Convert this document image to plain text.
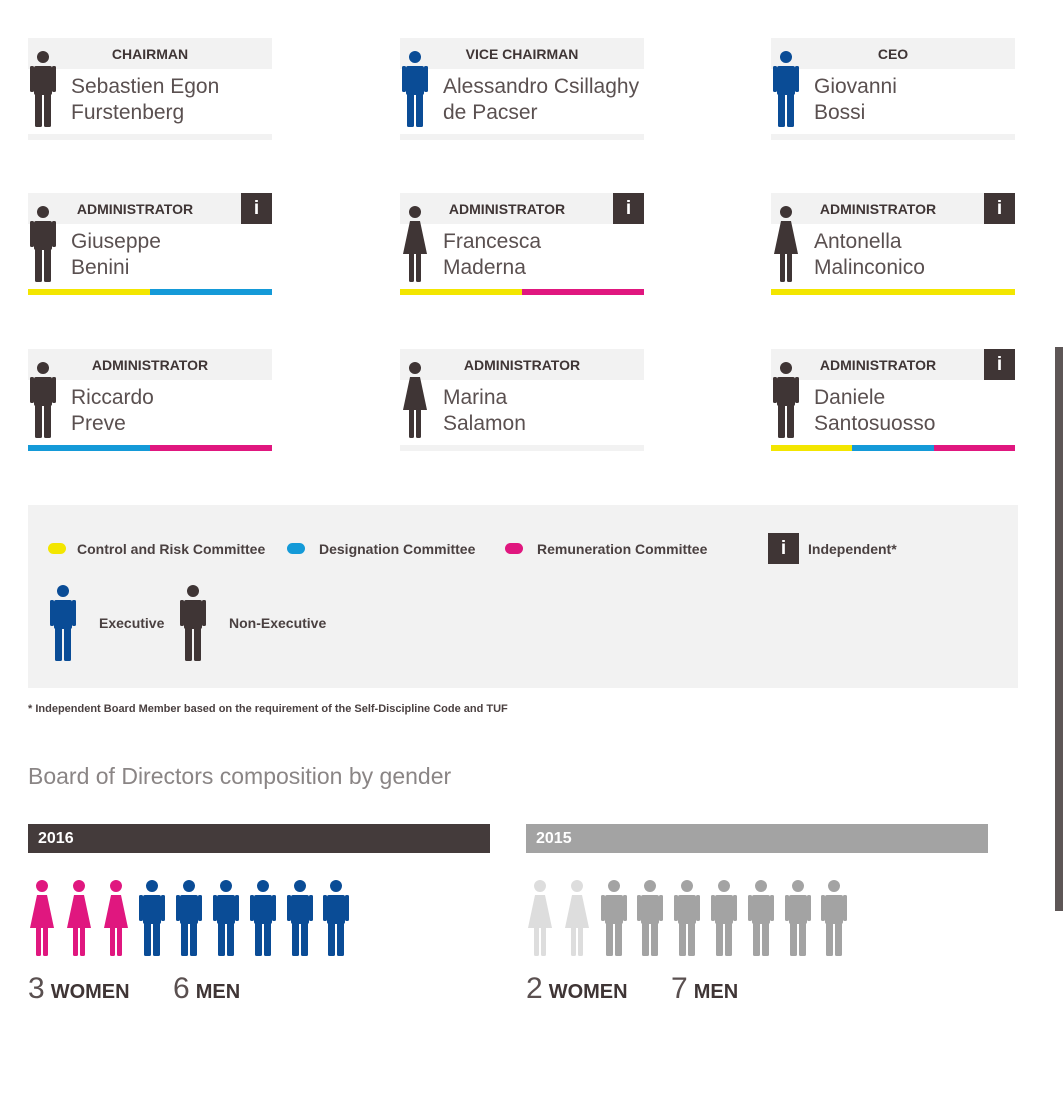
CHAIRMAN
Sebastien Egon
Furstenberg
VICE CHAIRMAN
Alessandro Csillaghy
de Pacser
CEO
Giovanni
Bossi
ADMINISTRATOR	i
Giuseppe
Benini
ADMINISTRATOR	i
Francesca
Maderna
ADMINISTRATOR	i
Antonella
Malinconico
ADMINISTRATOR
Riccardo
Preve
ADMINISTRATOR
Marina
Salamon
ADMINISTRATOR	i
Daniele
Santosuosso
Control and Risk Committee	Designation Committee	Remuneration Committee	i	Independent*
Executive	Non-Executive
* Independent Board Member based on the requirement of the Self-Discipline Code and TUF
Board of Directors composition by gender
2016
3 WOMEN 6 MEN
2015
2 WOMEN 7 MEN
